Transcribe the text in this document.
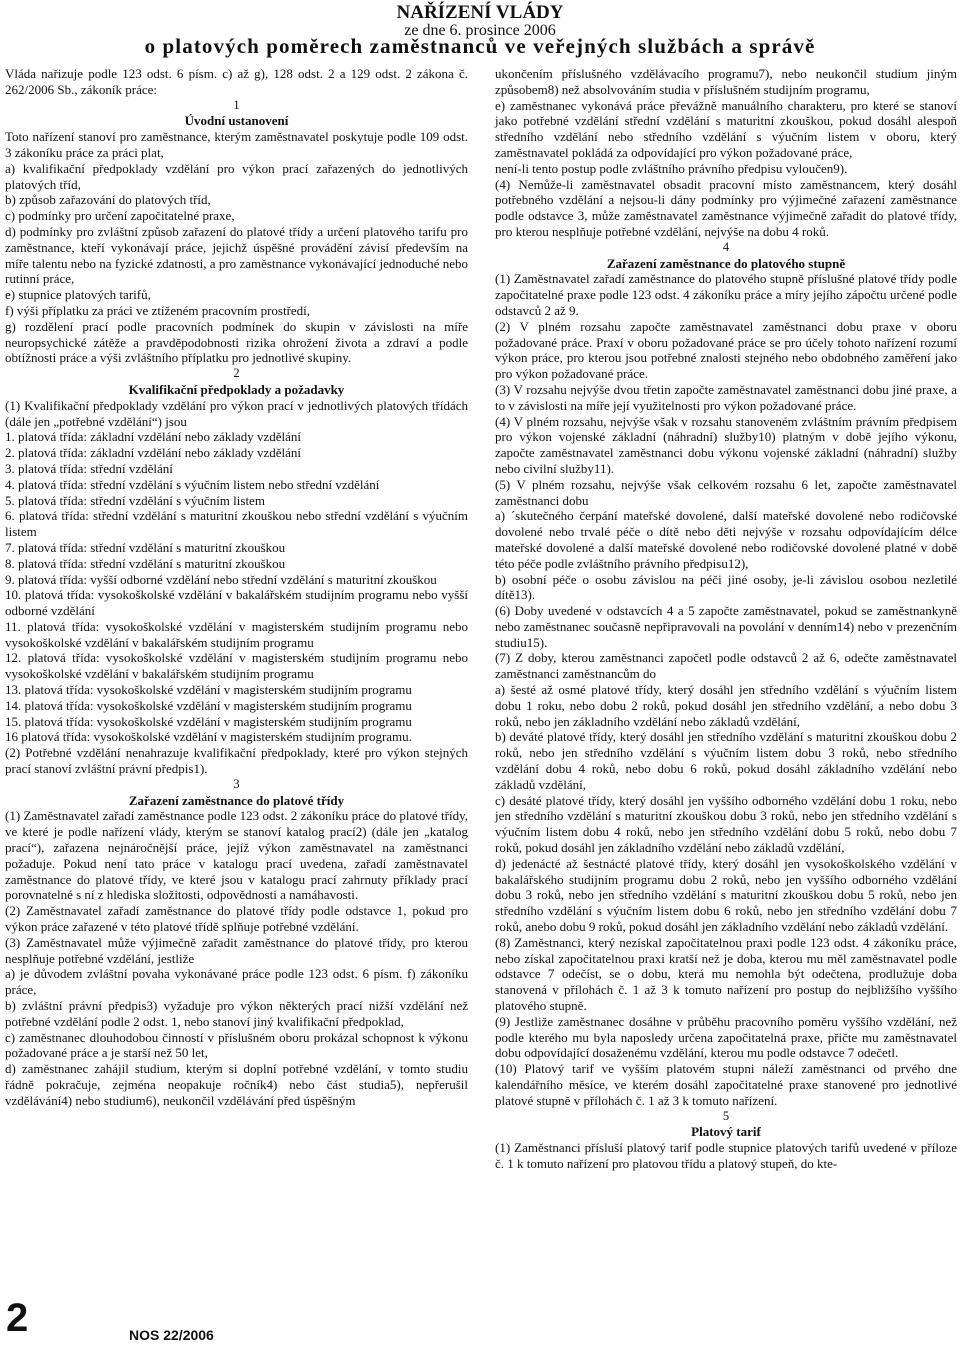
NAŘÍZENÍ VLÁDY
ze dne 6. prosince 2006
o platových poměrech zaměstnanců ve veřejných službách a správě

Vláda nařizuje podle 123 odst. 6 písm. c) až g), 128 odst. 2 a 129 odst. 2 zákona č. 262/2006 Sb., zákoník práce:

1

Úvodní ustanovení

Toto nařízení stanoví pro zaměstnance, kterým zaměstnavatel poskytuje podle 109 odst. 3 zákoníku práce za práci plat,

a) kvalifikační předpoklady vzdělání pro výkon prací zařazených do jednotlivých platových tříd,

b) způsob zařazování do platových tříd,

c) podmínky pro určení započitatelné praxe,

d) podmínky pro zvláštní způsob zařazení do platové třídy a určení platového tarifu pro zaměstnance, kteří vykonávají práce, jejichž úspěšné provádění závisí především na míře talentu nebo na fyzické zdatnosti, a pro zaměstnance vykonávající jednoduché nebo rutinní práce,

e) stupnice platových tarifů,

f) výši příplatku za práci ve ztíženém pracovním prostředí,

g) rozdělení prací podle pracovních podmínek do skupin v závislosti na míře neuropsychické zátěže a pravděpodobnosti rizika ohrožení života a zdraví a podle obtížnosti práce a výši zvláštního příplatku pro jednotlivé skupiny.

2

Kvalifikační předpoklady a požadavky

(1) Kvalifikační předpoklady vzdělání pro výkon prací v jednotlivých platových třídách (dále jen „potřebné vzdělání“) jsou

1. platová třída: základní vzdělání nebo základy vzdělání

2. platová třída: základní vzdělání nebo základy vzdělání

3. platová třída: střední vzdělání

4. platová třída: střední vzdělání s výučním listem nebo střední vzdělání

5. platová třída: střední vzdělání s výučním listem

6. platová třída: střední vzdělání s maturitní zkouškou nebo střední vzdělání s výučním listem

7. platová třída: střední vzdělání s maturitní zkouškou

8. platová třída: střední vzdělání s maturitní zkouškou

9. platová třída: vyšší odborné vzdělání nebo střední vzdělání s maturitní zkouškou

10. platová třída: vysokoškolské vzdělání v bakalářském studijním programu nebo vyšší odborné vzdělání

11. platová třída: vysokoškolské vzdělání v magisterském studijním programu nebo vysokoškolské vzdělání v bakalářském studijním programu

12. platová třída: vysokoškolské vzdělání v magisterském studijním programu nebo vysokoškolské vzdělání v bakalářském studijním programu

13. platová třída: vysokoškolské vzdělání v magisterském studijním programu

14. platová třída: vysokoškolské vzdělání v magisterském studijním programu

15. platová třída: vysokoškolské vzdělání v magisterském studijním programu

16 platová třída: vysokoškolské vzdělání v magisterském studijním programu.

(2) Potřebné vzdělání nenahrazuje kvalifikační předpoklady, které pro výkon stejných prací stanoví zvláštní právní předpis1).

3

Zařazení zaměstnance do platové třídy

(1) Zaměstnavatel zařadí zaměstnance podle 123 odst. 2 zákoníku práce do platové třídy, ve které je podle nařízení vlády, kterým se stanoví katalog prací2) (dále jen „katalog prací“), zařazena nejnáročnější práce, jejíž výkon zaměstnavatel na zaměstnanci požaduje. Pokud není tato práce v katalogu prací uvedena, zařadí zaměstnavatel zaměstnance do platové třídy, ve které jsou v katalogu prací zahrnuty příklady prací porovnatelné s ní z hlediska složitosti, odpovědnosti a namáhavosti.

(2) Zaměstnavatel zařadí zaměstnance do platové třídy podle odstavce 1, pokud pro výkon práce zařazené v této platové třídě splňuje potřebné vzdělání.

(3) Zaměstnavatel může výjimečně zařadit zaměstnance do platové třídy, pro kterou nesplňuje potřebné vzdělání, jestliže

a) je důvodem zvláštní povaha vykonávané práce podle 123 odst. 6 písm. f) zákoníku práce,

b) zvláštní právní předpis3) vyžaduje pro výkon některých prací nižší vzdělání než potřebné vzdělání podle 2 odst. 1, nebo stanoví jiný kvalifikační předpoklad,

c) zaměstnanec dlouhodobou činností v příslušném oboru prokázal schopnost k výkonu požadované práce a je starší než 50 let,

d) zaměstnanec zahájil studium, kterým si doplní potřebné vzdělání, v tomto studiu řádně pokračuje, zejména neopakuje ročník4) nebo část studia5), nepřerušil vzdělávání4) nebo studium6), neukončil vzdělávání před úspěšným

ukončením příslušného vzdělávacího programu7), nebo neukončil studium jiným způsobem8) než absolvováním studia v příslušném studijním programu,

e) zaměstnanec vykonává práce převážně manuálního charakteru, pro které se stanoví jako potřebné vzdělání střední vzdělání s maturitní zkouškou, pokud dosáhl alespoň středního vzdělání nebo středního vzdělání s výučním listem v oboru, který zaměstnavatel pokládá za odpovídající pro výkon požadované práce,

není-li tento postup podle zvláštního právního předpisu vyloučen9).

(4) Nemůže-li zaměstnavatel obsadit pracovní místo zaměstnancem, který dosáhl potřebného vzdělání a nejsou-li dány podmínky pro výjimečné zařazení zaměstnance podle odstavce 3, může zaměstnavatel zaměstnance výjimečně zařadit do platové třídy, pro kterou nesplňuje potřebné vzdělání, nejvýše na dobu 4 roků.

4

Zařazení zaměstnance do platového stupně

(1) Zaměstnavatel zařadí zaměstnance do platového stupně příslušné platové třídy podle započitatelné praxe podle 123 odst. 4 zákoníku práce a míry jejího zápočtu určené podle odstavců 2 až 9.

(2) V plném rozsahu započte zaměstnavatel zaměstnanci dobu praxe v oboru požadované práce. Praxí v oboru požadované práce se pro účely tohoto nařízení rozumí výkon práce, pro kterou jsou potřebné znalosti stejného nebo obdobného zaměření jako pro výkon požadované práce.

(3) V rozsahu nejvýše dvou třetin započte zaměstnavatel zaměstnanci dobu jiné praxe, a to v závislosti na míře její využitelnosti pro výkon požadované práce.

(4) V plném rozsahu, nejvýše však v rozsahu stanoveném zvláštním právním předpisem pro výkon vojenské základní (náhradní) služby10) platným v době jejího výkonu, započte zaměstnavatel zaměstnanci dobu výkonu vojenské základní (náhradní) služby nebo civilní služby11).

(5) V plném rozsahu, nejvýše však celkovém rozsahu 6 let, započte zaměstnavatel zaměstnanci dobu

a) ´skutečného čerpání mateřské dovolené, další mateřské dovolené nebo rodičovské dovolené nebo trvalé péče o dítě nebo děti nejvýše v rozsahu odpovídajícím délce mateřské dovolené a další mateřské dovolené nebo rodičovské dovolené platné v době této péče podle zvláštního právního předpisu12),

b) osobní péče o osobu závislou na péči jiné osoby, je-li závislou osobou nezletilé dítě13).

(6) Doby uvedené v odstavcích 4 a 5 započte zaměstnavatel, pokud se zaměstnankyně nebo zaměstnanec současně nepřipravovali na povolání v denním14) nebo v prezenčním studiu15).

(7) Z doby, kterou zaměstnanci započetl podle odstavců 2 až 6, odečte zaměstnavatel zaměstnanci zaměstnancům do

a) šesté až osmé platové třídy, který dosáhl jen středního vzdělání s výučním listem dobu 1 roku, nebo dobu 2 roků, pokud dosáhl jen středního vzdělání, a nebo dobu 3 roků, nebo jen základního vzdělání nebo základů vzdělání,

b) deváté platové třídy, který dosáhl jen středního vzdělání s maturitní zkouškou dobu 2 roků, nebo jen středního vzdělání s výučním listem dobu 3 roků, nebo středního vzdělání dobu 4 roků, nebo dobu 6 roků, pokud dosáhl základního vzdělání nebo základů vzdělání,

c) desáté platové třídy, který dosáhl jen vyššího odborného vzdělání dobu 1 roku, nebo jen středního vzdělání s maturitní zkouškou dobu 3 roků, nebo jen středního vzdělání s výučním listem dobu 4 roků, nebo jen středního vzdělání dobu 5 roků, nebo dobu 7 roků, pokud dosáhl jen základního vzdělání nebo základů vzdělání,

d) jedenácté až šestnácté platové třídy, který dosáhl jen vysokoškolského vzdělání v bakalářského studijním programu dobu 2 roků, nebo jen vyššího odborného vzdělání dobu 3 roků, nebo jen středního vzdělání s maturitní zkouškou dobu 5 roků, nebo jen středního vzdělání s výučním listem dobu 6 roků, nebo jen středního vzdělání dobu 7 roků, anebo dobu 9 roků, pokud dosáhl jen základního vzdělání nebo základů vzdělání.

(8) Zaměstnanci, který nezískal započitatelnou praxi podle 123 odst. 4 zákoníku práce, nebo získal započitatelnou praxi kratší než je doba, kterou mu měl zaměstnavatel podle odstavce 7 odečíst, se o dobu, která mu nemohla být odečtena, prodlužuje doba stanovená v přílohách č. 1 až 3 k tomuto nařízení pro postup do nejbližšího vyššího platového stupně.

(9) Jestliže zaměstnanec dosáhne v průběhu pracovního poměru vyššího vzdělání, než podle kterého mu byla naposledy určena započitatelná praxe, přičte mu zaměstnavatel dobu odpovídající dosaženému vzdělání, kterou mu podle odstavce 7 odečetl.

(10) Platový tarif ve vyšším platovém stupni náleží zaměstnanci od prvého dne kalendářního měsíce, ve kterém dosáhl započitatelné praxe stanovené pro jednotlivé platové stupně v přílohách č. 1 až 3 k tomuto nařízení.

5

Platový tarif

(1) Zaměstnanci přísluší platový tarif podle stupnice platových tarifů uvedené v příloze č. 1 k tomuto nařízení pro platovou třídu a platový stupeň, do kte-

2	NOS 22/2006
